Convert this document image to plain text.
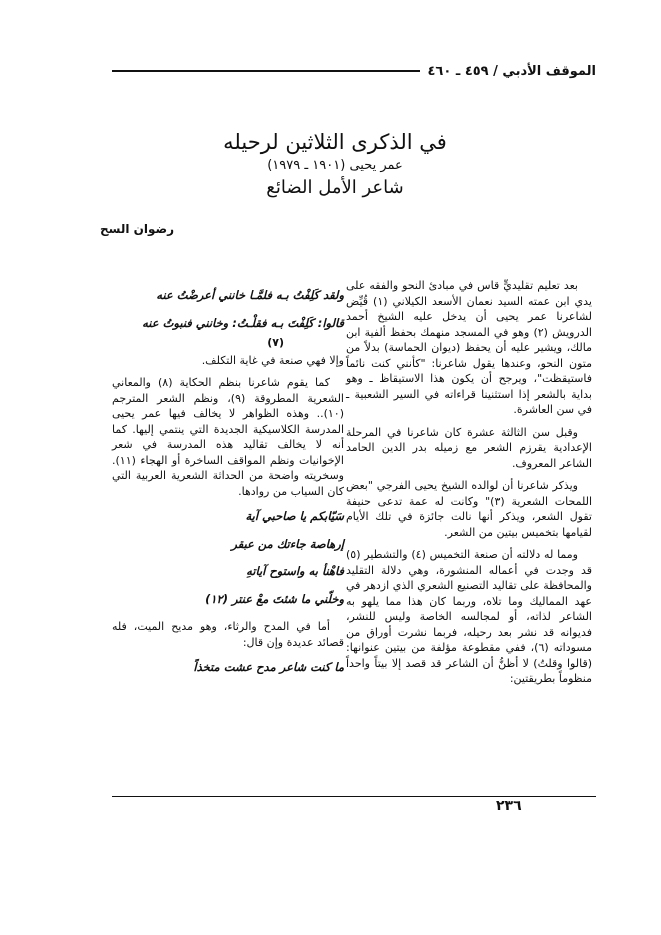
الموقف الأدبي / ٤٥٩ ـ ٤٦٠
في الذكرى الثلاثين لرحيله

عمر يحيى (١٩٠١ ـ ١٩٧٩)

شاعر الأمل الضائع

رضوان السح

بعد تعليم تقليديٍّ قاس في مبادئ النحو والفقه على يدي ابن عمته السيد نعمان الأسعد الكيلاني (١) قُيِّض لشاعرنا عمر يحيى أن يدخل عليه الشيخ أحمد الدرويش (٢) وهو في المسجد منهمك بحفظ ألفية ابن مالك، ويشير عليه أن يحفظ (ديوان الحماسة) بدلاً من متون النحو، وعندها يقول شاعرنا: "كأنني كنت نائماً فاستيقظت"، ويرجح أن يكون هذا الاستيقاظ ـ وهو بداية بالشعر إذا استثنينا قراءاته في السير الشعبية ـ في سن العاشرة.

وقبل سن الثالثة عشرة كان شاعرنا في المرحلة الإعدادية يقرزم الشعر مع زميله بدر الدين الحامد الشاعر المعروف.

ويذكر شاعرنا أن لوالده الشيخ يحيى الفرجي "بعض اللمحات الشعرية (٣)" وكانت له عمة تدعى حنيفة تقول الشعر، ويذكر أنها نالت جائزة في تلك الأيام لقيامها بتخميس بيتين من الشعر.

ومما له دلالته أن صنعة التخميس (٤) والتشطير (٥) قد وجدت في أعماله المنشورة، وهي دلالة التقليد والمحافظة على تقاليد التصنيع الشعري الذي ازدهر في عهد المماليك وما تلاه، وربما كان هذا مما يلهو به الشاعر لذاته، أو لمجالسه الخاصة وليس للنشر، فديوانه قد نشر بعد رحيله، فربما نشرت أوراق من مسوداته (٦)، ففي مقطوعة مؤلفة من بيتين عنوانها: (قالوا وقلتُ) لا أظنُّ أن الشاعر قد قصد إلا بيتاً واحداً منظوماً بطريقتين:

ولقد كَلِفْتُ بـه فلمَّـا خانني أعرضْتُ عنه

قالوا: كَلِفْتَ بـه فقلْـتُ: وخانني فنبوتُ عنه

(٧)

وإلا فهي صنعة في غاية التكلف.

كما يقوم شاعرنا بنظم الحكاية (٨) والمعاني الشعرية المطروقة (٩)، ونظم الشعر المترجم (١٠).. وهذه الظواهر لا يخالف فيها عمر يحيى المدرسة الكلاسيكية الجديدة التي ينتمي إليها. كما أنه لا يخالف تقاليد هذه المدرسة في شعر الإخوانيات ونظم المواقف الساخرة أو الهجاء (١١). وسخريته واضحة من الحداثة الشعرية العربية التي كان السياب من روادها.

سَيّابكم يا صاحبي آية

إرهاصة جاءتك من عبقر

فاهْنأ به واستوح آياتهِ

وخلّني ما شئتَ معْ عنتر (١٢)

أما في المدح والرثاء، وهو مديح الميت، فله قصائد عديدة وإن قال:

ما كنت شاعر مدح عشت متخذاً

٢٣٦
